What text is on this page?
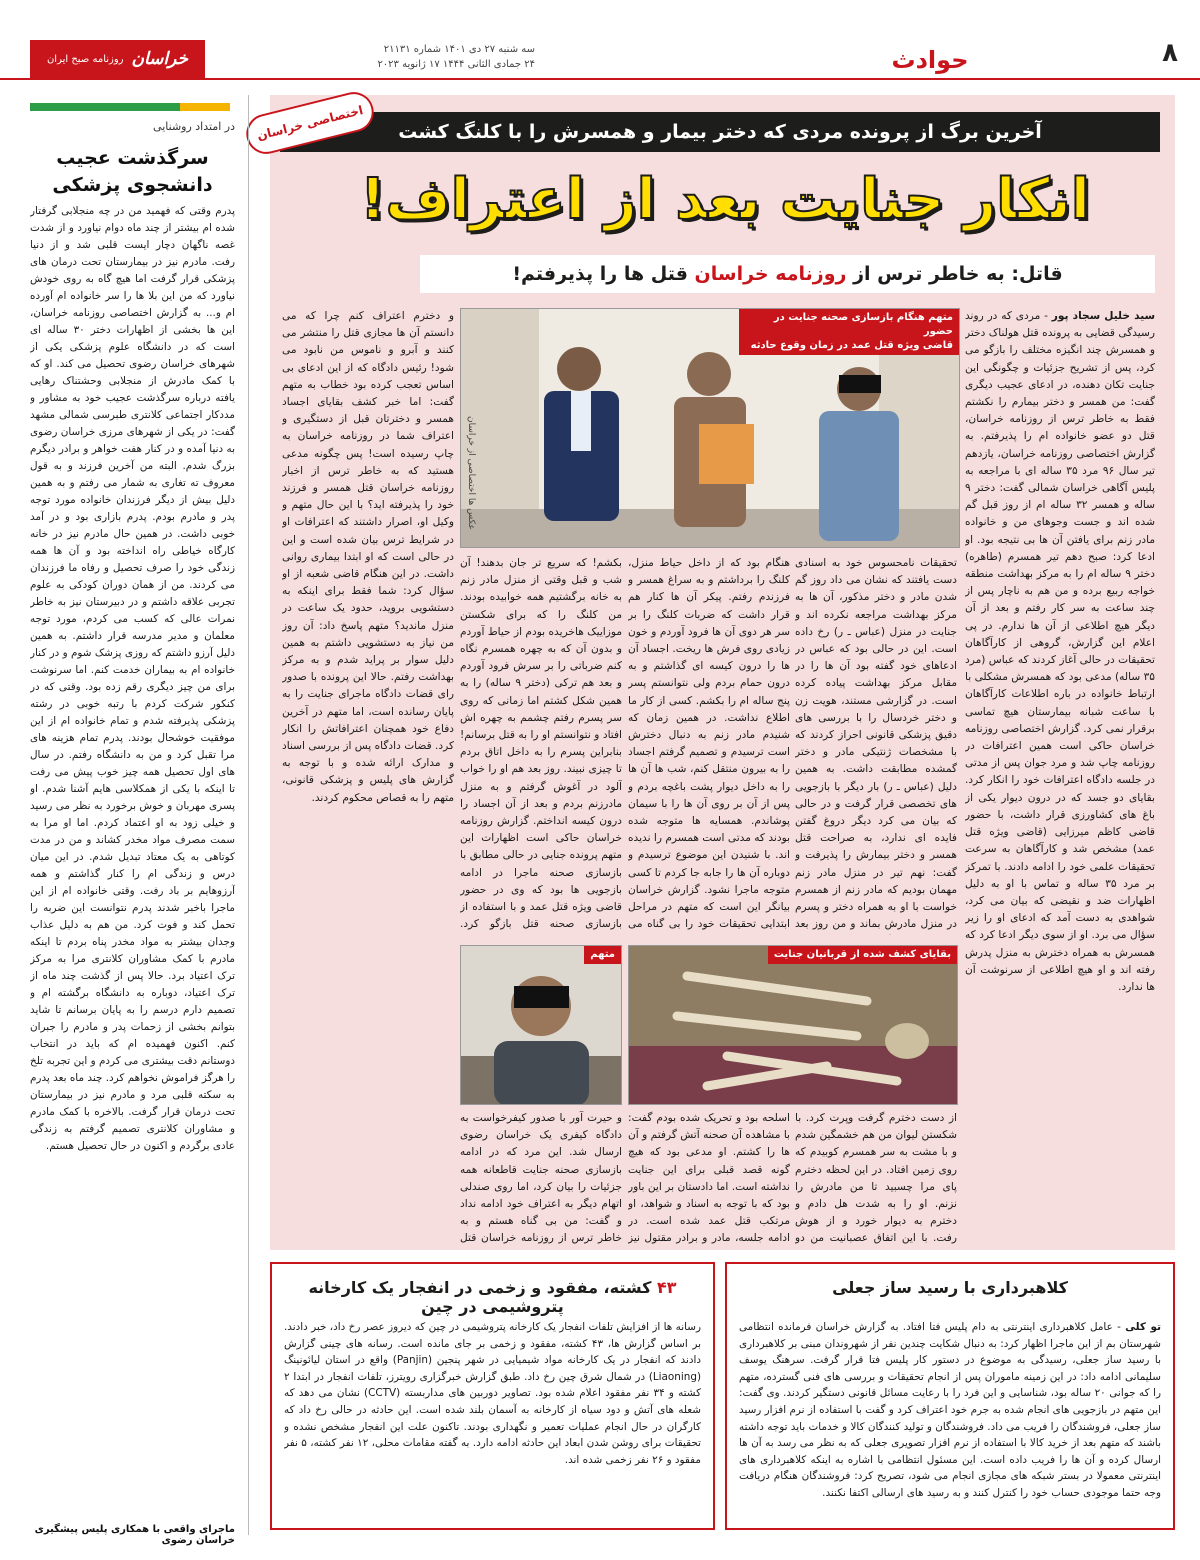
۸
حوادث
سه شنبه ۲۷ دی ۱۴۰۱ شماره ۲۱۱۳۱
۲۴ جمادی الثانی ۱۴۴۴ ۱۷ ژانویه ۲۰۲۳
خراسان
روزنامه صبح ایران
آخرین برگ از پرونده مردی که دختر بیمار و همسرش را با کلنگ کشت
اختصاصی خراسان
انکار جنایت بعد از اعتراف!
قاتل: به خاطر ترس از روزنامه خراسان قتل ها را پذیرفتم!
متهم هنگام بازسازی صحنه جنایت در حضور
قاضی ویژه قتل عمد در زمان وقوع حادثه
عکس ها اختصاصی از خراسان
سید خلیل سجاد پور - مردی که در روند رسیدگی قضایی به پرونده قتل هولناک دختر و همسرش چند انگیزه مختلف را بازگو می کرد، پس از تشریح جزئیات و چگونگی این جنایت تکان دهنده، در ادعای عجیب دیگری گفت: من همسر و دختر بیمارم را نکشتم فقط به خاطر ترس از روزنامه خراسان، قتل دو عضو خانواده ام را پذیرفتم. به گزارش اختصاصی روزنامه خراسان، یازدهم تیر سال ۹۶ مرد ۳۵ ساله ای با مراجعه به پلیس آگاهی خراسان شمالی گفت: دختر ۹ ساله و همسر ۳۲ ساله ام از روز قبل گم شده اند و جست وجوهای من و خانواده مادر زنم برای یافتن آن ها بی نتیجه بود. او ادعا کرد: صبح دهم تیر همسرم (طاهره) دختر ۹ ساله ام را به مرکز بهداشت منطقه خواجه ربیع برده و من هم به ناچار پس از چند ساعت به سر کار رفتم و بعد از آن دیگر هیچ اطلاعی از آن ها ندارم. در پی اعلام این گزارش، گروهی از کارآگاهان تحقیقات در حالی آغاز کردند که عباس (مرد ۳۵ ساله) مدعی بود که همسرش مشکلی با ارتباط خانواده در باره اطلاعات کارآگاهان با ساعت شبانه بیمارستان هیچ تماسی برقرار نمی کرد. گزارش اختصاصی روزنامه خراسان حاکی است همین اعترافات در روزنامه چاپ شد و مرد جوان پس از مدتی در جلسه دادگاه اعترافات خود را انکار کرد. بقایای دو جسد که در درون دیوار یکی از باغ های کشاورزی قرار داشت، با حضور قاضی کاظم میرزایی (قاضی ویژه قتل عمد) مشخص شد و کارآگاهان به سرعت تحقیقات علمی خود را ادامه دادند. با تمرکز بر مرد ۳۵ ساله و تماس با او به دلیل اظهارات ضد و نقیضی که بیان می کرد، شواهدی به دست آمد که ادعای او را زیر سؤال می برد. او از سوی دیگر ادعا کرد که همسرش به همراه دخترش به منزل پدرش رفته اند و او هیچ اطلاعی از سرنوشت آن ها ندارد.
تحقیقات نامحسوس خود به اسنادی دست یافتند که نشان می داد روز گم شدن مادر و دختر مذکور، آن ها به مرکز بهداشت مراجعه نکرده اند و جنایت در منزل (عباس ـ ر) رخ داده است. این در حالی بود که عباس در ادعاهای خود گفته بود آن ها را در مقابل مرکز بهداشت پیاده کرده است. در گزارشی مستند، هویت زن و دختر خردسال را با بررسی های دقیق پزشکی قانونی احراز کردند که با مشخصات ژنتیکی مادر و دختر گمشده مطابقت داشت. به همین دلیل (عباس ـ ر) بار دیگر با بازجویی های تخصصی قرار گرفت و در حالی که بیان می کرد دیگر دروغ گفتن فایده ای ندارد، به صراحت قتل همسر و دختر بیمارش را پذیرفت و گفت: نهم تیر در منزل مادر زنم مهمان بودیم که مادر زنم از همسرم خواست با او به همراه دختر و پسرم در منزل مادرش بماند و من روز بعد
هنگام بود که از داخل حیاط منزل، کلنگ را برداشتم و به سراغ همسر و فرزندم رفتم. پیکر آن ها کنار هم قرار داشت که ضربات کلنگ را بر سر هر دوی آن ها فرود آوردم و خون زیادی روی فرش ها ریخت. اجساد آن ها را درون کیسه ای گذاشتم و به درون حمام بردم ولی نتوانستم پسر پنج ساله ام را بکشم. کسی از کار ما اطلاع نداشت. در همین زمان که شنیدم مادر زنم به دنبال دخترش است ترسیدم و تصمیم گرفتم اجساد را به بیرون منتقل کنم، شب ها آن ها را به داخل دیوار پشت باغچه بردم و پس از آن بر روی آن ها را با سیمان پوشاندم. همسایه ها متوجه شده بودند که مدتی است همسرم را ندیده اند. با شنیدن این موضوع ترسیدم و دوباره آن ها را جابه جا کردم تا کسی متوجه ماجرا نشود. گزارش خراسان بیانگر این است که متهم در مراحل ابتدایی تحقیقات خود را بی گناه می
بکشم! که سریع تر جان بدهند! آن شب و قبل وقتی از منزل مادر زنم به خانه برگشتیم همه خوابیده بودند. من کلنگ را که برای شکستن موزاییک هاخریده بودم از حیاط آوردم و بدون آن که به چهره همسرم نگاه کنم ضرباتی را بر سرش فرود آوردم و بعد هم ترکی (دختر ۹ ساله) را به همین شکل کشتم اما زمانی که روی سر پسرم رفتم چشمم به چهره اش افتاد و نتوانستم او را به قتل برسانم! بنابراین پسرم را به داخل اتاق بردم تا چیزی نبیند. روز بعد هم او را خواب آلود در آغوش گرفتم و به منزل مادرزنم بردم و بعد از آن اجساد را درون کیسه انداختم. گزارش روزنامه خراسان حاکی است اظهارات این متهم پرونده جنایی در حالی مطابق با بازسازی صحنه ماجرا در ادامه بازجویی ها بود که وی در حضور قاضی ویژه قتل عمد و با استفاده از بازسازی صحنه قتل بازگو کرد.
و دخترم اعتراف کنم چرا که می دانستم آن ها مجازی قتل را منتشر می کنند و آبرو و ناموس من نابود می شود! رئیس دادگاه که از این ادعای بی اساس تعجب کرده بود خطاب به متهم گفت: اما خبر کشف بقایای اجساد همسر و دخترتان قبل از دستگیری و اعتراف شما در روزنامه خراسان به چاپ رسیده است! پس چگونه مدعی هستید که به خاطر ترس از اخبار روزنامه خراسان قتل همسر و فرزند خود را پذیرفته اید؟ با این حال متهم و وکیل او، اصرار داشتند که اعترافات او در شرایط ترس بیان شده است و این در حالی است که او ابتدا بیماری روانی داشت. در این هنگام قاضی شعبه از او سؤال کرد: شما فقط برای اینکه به دستشویی بروید، حدود یک ساعت در منزل ماندید؟ متهم پاسخ داد: آن روز من نیاز به دستشویی داشتم به همین دلیل سوار بر پراید شدم و به مرکز بهداشت رفتم. حالا این پرونده با صدور رای قضات دادگاه ماجرای جنایت را به پایان رسانده است، اما متهم در آخرین دفاع خود همچنان اعترافاتش را انکار کرد. قضات دادگاه پس از بررسی اسناد و مدارک ارائه شده و با توجه به گزارش های پلیس و پزشکی قانونی، متهم را به قصاص محکوم کردند.
بقایای کشف شده از قربانیان جنایت
متهم
از دست دخترم گرفت وپرت کرد. با شکستن لیوان من هم خشمگین شدم و با مشت به سر همسرم کوبیدم که روی زمین افتاد. در این لحظه دخترم پای مرا چسبید تا من مادرش را نزنم. او را به شدت هل دادم و دخترم به دیوار خورد و از هوش رفت. با این اتفاق عصبانیت من دو
اسلحه بود و تحریک شده بودم گفت: با مشاهده آن صحنه آتش گرفتم و آن ها را کشتم. او مدعی بود که هیچ گونه قصد قبلی برای این جنایت نداشته است. اما دادستان بر این باور بود که با توجه به اسناد و شواهد، او مرتکب قتل عمد شده است. در ادامه جلسه، مادر و برادر مقتول نیز
و حیرت آور با صدور کیفرخواست به دادگاه کیفری یک خراسان رضوی ارسال شد. این مرد که در ادامه بازسازی صحنه جنایت قاطعانه همه جزئیات را بیان کرد، اما روی صندلی اتهام دیگر به اعتراف خود ادامه نداد و گفت: من بی گناه هستم و به خاطر ترس از روزنامه خراسان قتل
در امتداد روشنایی
سرگذشت عجیب
دانشجوی پزشکی
پدرم وقتی که فهمید من در چه منجلابی گرفتار شده ام بیشتر از چند ماه دوام نیاورد و از شدت غصه ناگهان دچار ایست قلبی شد و از دنیا رفت. مادرم نیز در بیمارستان تحت درمان های پزشکی قرار گرفت اما هیچ گاه به روی خودش نیاورد که من این بلا ها را سر خانواده ام آورده ام و... به گزارش اختصاصی روزنامه خراسان، این ها بخشی از اظهارات دختر ۳۰ ساله ای است که در دانشگاه علوم پزشکی یکی از شهرهای خراسان رضوی تحصیل می کند. او که با کمک مادرش از منجلابی وحشتناک رهایی یافته درباره سرگذشت عجیب خود به مشاور و مددکار اجتماعی کلانتری طبرسی شمالی مشهد گفت: در یکی از شهرهای مرزی خراسان رضوی به دنیا آمده و در کنار هفت خواهر و برادر دیگرم بزرگ شدم. البته من آخرین فرزند و به قول معروف ته تغاری به شمار می رفتم و به همین دلیل بیش از دیگر فرزندان خانواده مورد توجه پدر و مادرم بودم. پدرم بازاری بود و در آمد خوبی داشت. در همین حال مادرم نیز در خانه کارگاه خیاطی راه انداخته بود و آن ها همه زندگی خود را صرف تحصیل و رفاه ما فرزندان می کردند. من از همان دوران کودکی به علوم تجربی علاقه داشتم و در دبیرستان نیز به خاطر نمرات عالی که کسب می کردم، مورد توجه معلمان و مدیر مدرسه قرار داشتم. به همین دلیل آرزو داشتم که روزی پزشک شوم و در کنار خانواده ام به بیماران خدمت کنم. اما سرنوشت برای من چیز دیگری رقم زده بود. وقتی که در کنکور شرکت کردم با رتبه خوبی در رشته پزشکی پذیرفته شدم و تمام خانواده ام از این موفقیت خوشحال بودند. پدرم تمام هزینه های مرا تقبل کرد و من به دانشگاه رفتم. در سال های اول تحصیل همه چیز خوب پیش می رفت تا اینکه با یکی از همکلاسی هایم آشنا شدم. او پسری مهربان و خوش برخورد به نظر می رسید و خیلی زود به او اعتماد کردم. اما او مرا به سمت مصرف مواد مخدر کشاند و من در مدت کوتاهی به یک معتاد تبدیل شدم. در این میان درس و زندگی ام را کنار گذاشتم و همه آرزوهایم بر باد رفت. وقتی خانواده ام از این ماجرا باخبر شدند پدرم نتوانست این ضربه را تحمل کند و فوت کرد. من هم به دلیل عذاب وجدان بیشتر به مواد مخدر پناه بردم تا اینکه مادرم با کمک مشاوران کلانتری مرا به مرکز ترک اعتیاد برد. حالا پس از گذشت چند ماه از ترک اعتیاد، دوباره به دانشگاه برگشته ام و تصمیم دارم درسم را به پایان برسانم تا شاید بتوانم بخشی از زحمات پدر و مادرم را جبران کنم. اکنون فهمیده ام که باید در انتخاب دوستانم دقت بیشتری می کردم و این تجربه تلخ را هرگز فراموش نخواهم کرد. چند ماه بعد پدرم به سکته قلبی مرد و مادرم نیز در بیمارستان تحت درمان قرار گرفت. بالاخره با کمک مادرم و مشاوران کلانتری تصمیم گرفتم به زندگی عادی برگردم و اکنون در حال تحصیل هستم.
ماجرای واقعی با همکاری پلیس پیشگیری خراسان رضوی
کلاهبرداری با رسید ساز جعلی
تو کلی - عامل کلاهبرداری اینترنتی به دام پلیس فتا افتاد. به گزارش خراسان فرمانده انتظامی شهرستان بم از این ماجرا اظهار کرد: به دنبال شکایت چندین نفر از شهروندان مبنی بر کلاهبرداری با رسید ساز جعلی، رسیدگی به موضوع در دستور کار پلیس فتا قرار گرفت. سرهنگ یوسف سلیمانی ادامه داد: در این زمینه ماموران پس از انجام تحقیقات و بررسی های فنی گسترده، متهم را که جوانی ۲۰ ساله بود، شناسایی و این فرد را با رعایت مسائل قانونی دستگیر کردند. وی گفت: این متهم در بازجویی های انجام شده به جرم خود اعتراف کرد و گفت با استفاده از نرم افزار رسید ساز جعلی، فروشندگان را فریب می داد. فروشندگان و تولید کنندگان کالا و خدمات باید توجه داشته باشند که متهم بعد از خرید کالا با استفاده از نرم افزار تصویری جعلی که به نظر می رسد به آن ها ارسال کرده و آن ها را فریب داده است. این مسئول انتظامی با اشاره به اینکه کلاهبرداری های اینترنتی معمولا در بستر شبکه های مجازی انجام می شود، تصریح کرد: فروشندگان هنگام دریافت وجه حتما موجودی حساب خود را کنترل کنند و به رسید های ارسالی اکتفا نکنند.
۴۳ کشته، مفقود و زخمی در انفجار یک کارخانه پتروشیمی در چین
رسانه ها از افزایش تلفات انفجار یک کارخانه پتروشیمی در چین که دیروز عصر رخ داد، خبر دادند. بر اساس گزارش ها، ۴۳ کشته، مفقود و زخمی بر جای مانده است. رسانه های چینی گزارش دادند که انفجار در یک کارخانه مواد شیمیایی در شهر پنجین (Panjin) واقع در استان لیائونینگ (Liaoning) در شمال شرق چین رخ داد. طبق گزارش خبرگزاری رویترز، تلفات انفجار در ابتدا ۲ کشته و ۳۴ نفر مفقود اعلام شده بود. تصاویر دوربین های مداربسته (CCTV) نشان می دهد که شعله های آتش و دود سیاه از کارخانه به آسمان بلند شده است. این حادثه در حالی رخ داد که کارگران در حال انجام عملیات تعمیر و نگهداری بودند. تاکنون علت این انفجار مشخص نشده و تحقیقات برای روشن شدن ابعاد این حادثه ادامه دارد. به گفته مقامات محلی، ۱۲ نفر کشته، ۵ نفر مفقود و ۲۶ نفر زخمی شده اند.
